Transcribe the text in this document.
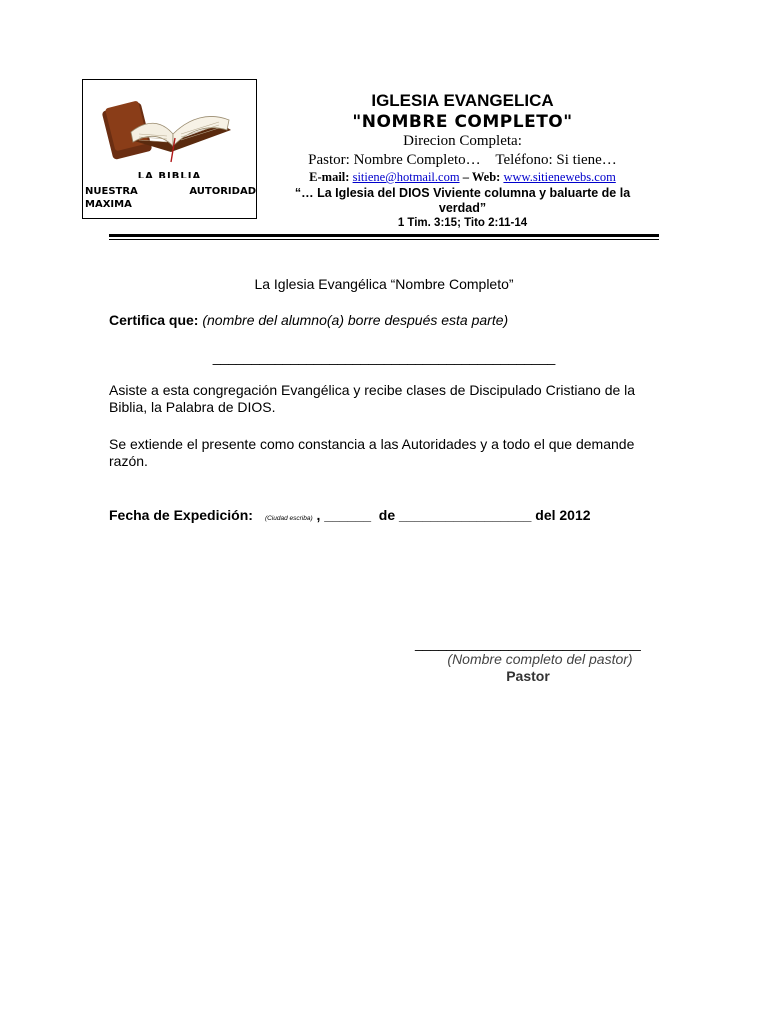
LA BIBLIA
NUESTRA	AUTORIDAD
MAXIMA
IGLESIA EVANGELICA
"NOMBRE COMPLETO"
Direcion Completa:
Pastor: Nombre Completo…    Teléfono: Si tiene…
E-mail: sitiene@hotmail.com – Web: www.sitienewebs.com
“… La Iglesia del DIOS Viviente columna y baluarte de la verdad”
1 Tim. 3:15; Tito 2:11-14
La Iglesia Evangélica “Nombre Completo”
Certifica que: (nombre del alumno(a) borre después esta parte)
____________________________________________
Asiste a esta congregación Evangélica y recibe clases de Discipulado Cristiano de la Biblia, la Palabra de DIOS.
Se extiende el presente como constancia a las Autoridades y a todo el que demande razón.
Fecha de Expedición: (Ciudad escriba) , ______  de _________________ del 2012
_____________________________
(Nombre completo del pastor)
Pastor
